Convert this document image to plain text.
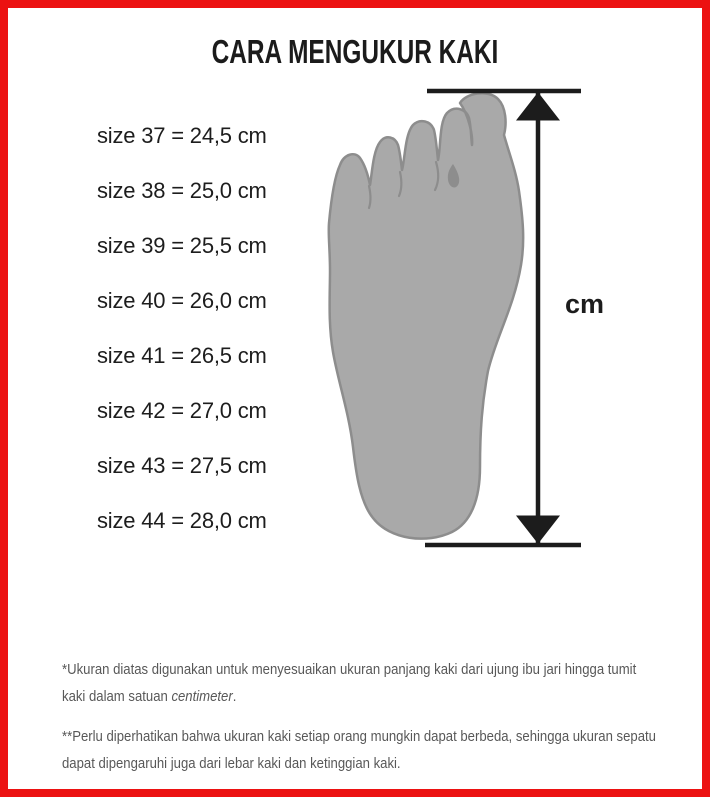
CARA MENGUKUR KAKI
size 37 = 24,5 cm
size 38 = 25,0 cm
size 39 = 25,5 cm
size 40 = 26,0 cm
size 41 = 26,5 cm
size 42 = 27,0 cm
size 43 = 27,5 cm
size 44 = 28,0 cm
cm
*Ukuran diatas digunakan untuk menyesuaikan ukuran panjang kaki dari ujung ibu jari hingga tumit
kaki dalam satuan centimeter.
**Perlu diperhatikan bahwa ukuran kaki setiap orang mungkin dapat berbeda, sehingga ukuran sepatu
dapat dipengaruhi juga dari lebar kaki dan ketinggian kaki.
